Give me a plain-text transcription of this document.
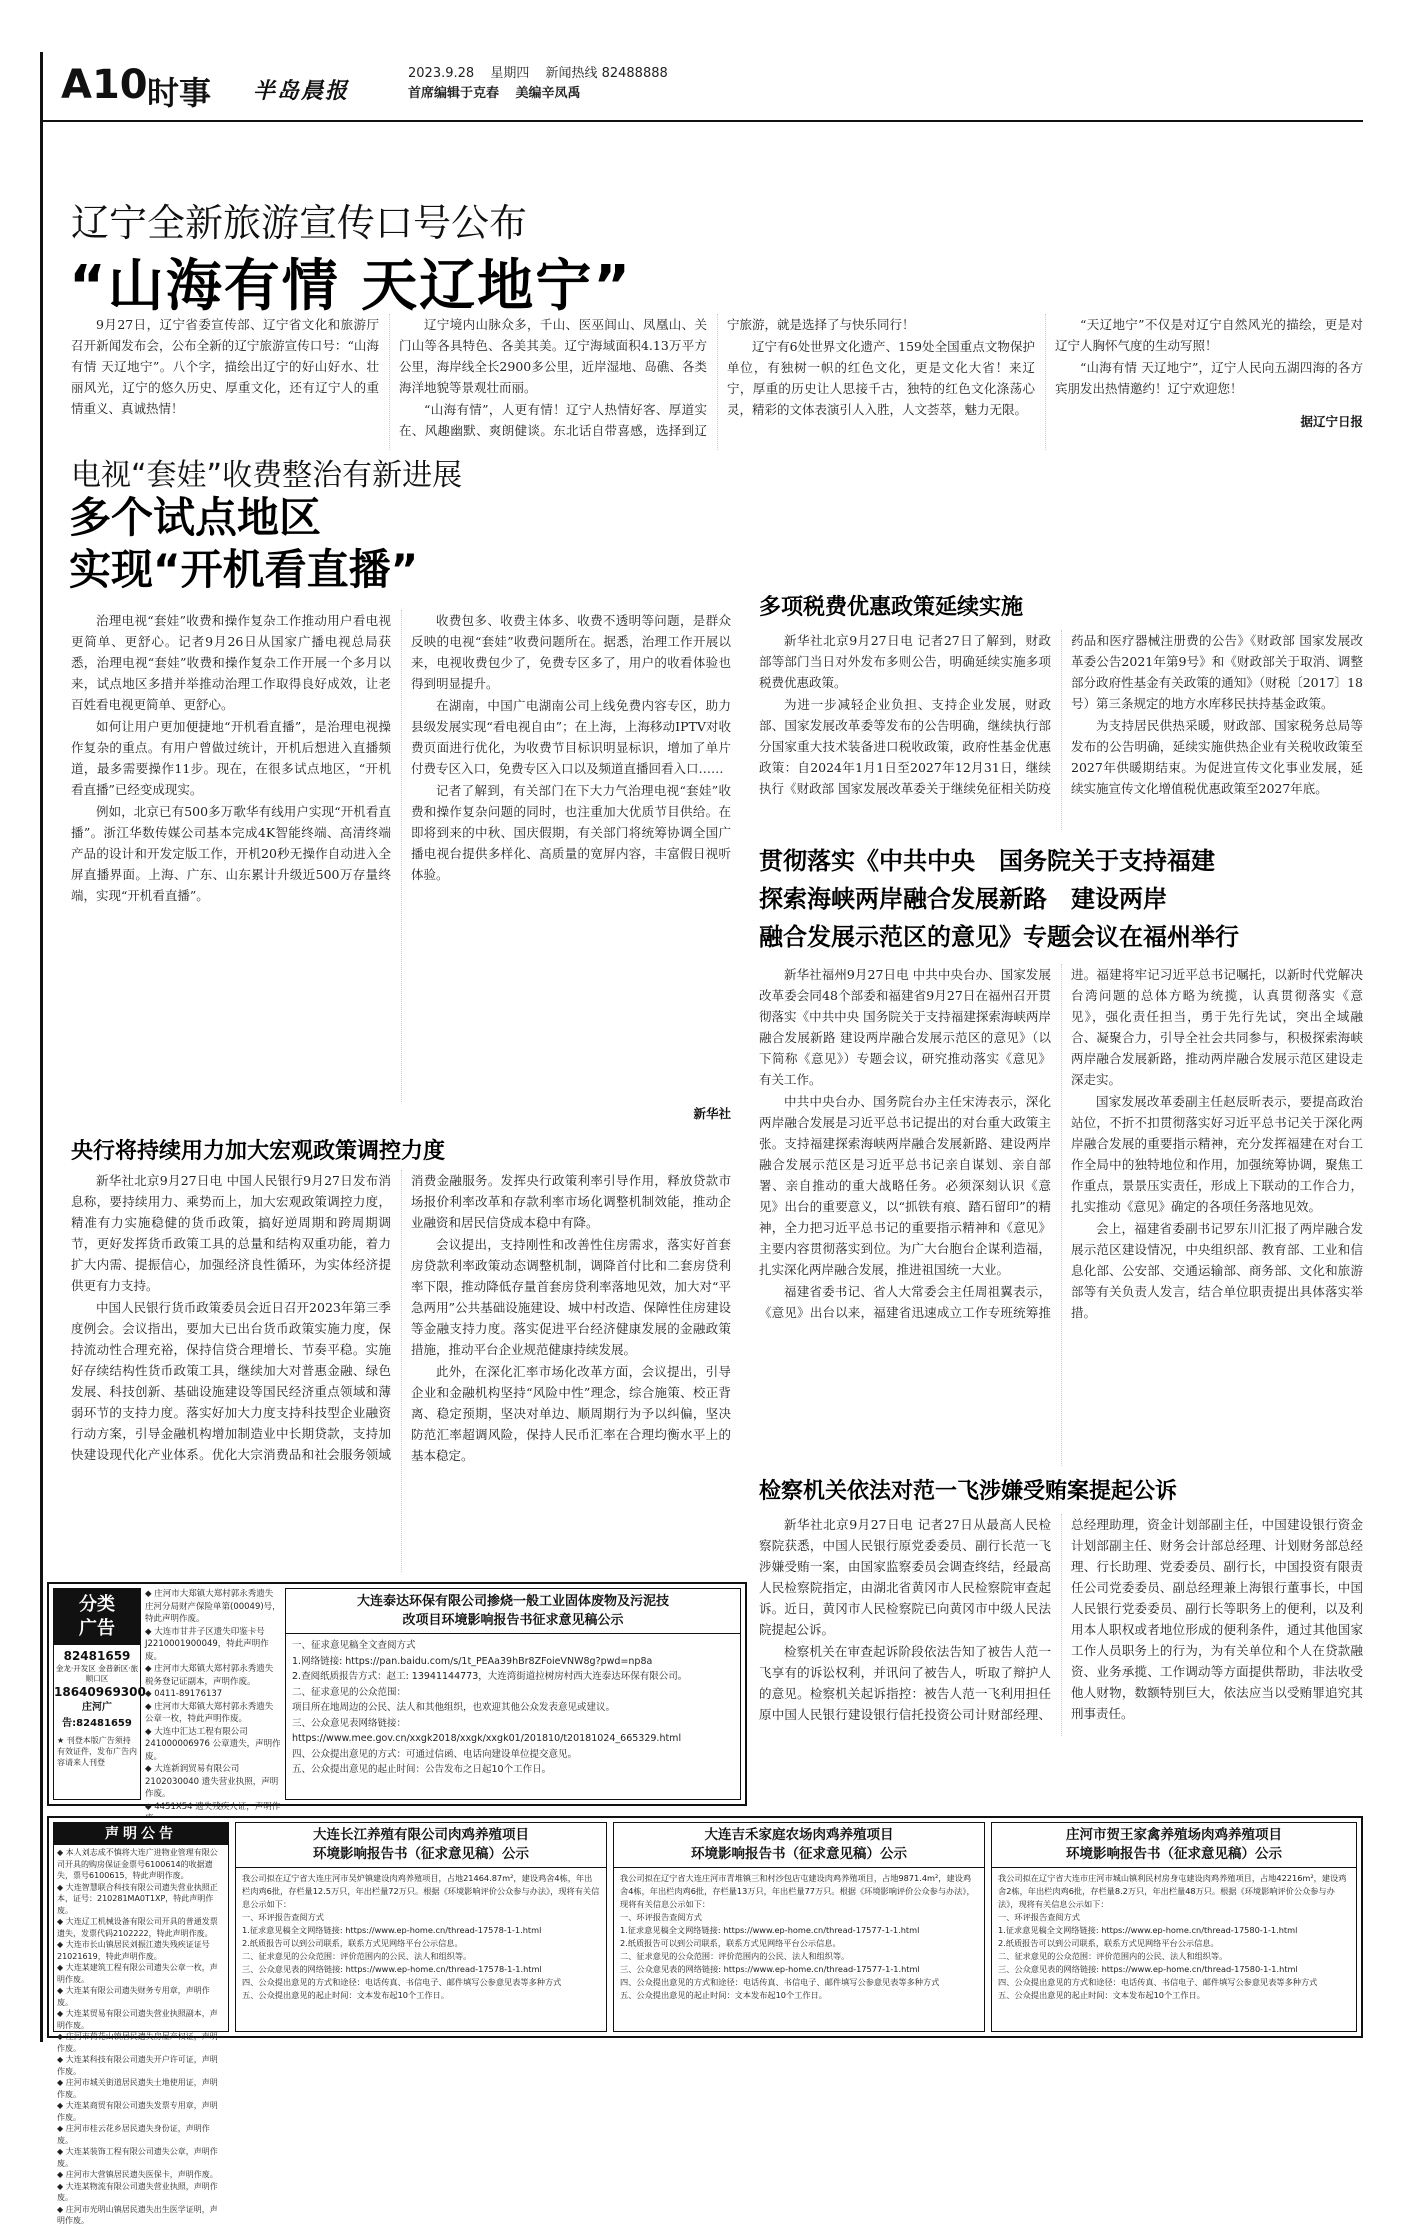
A10 时事 半岛晨报
2023.9.28 星期四 新闻热线 82488888
首席编辑于克春 美编辛凤禹
辽宁全新旅游宣传口号公布
“山海有情 天辽地宁”

9月27日，辽宁省委宣传部、辽宁省文化和旅游厅召开新闻发布会，公布全新的辽宁旅游宣传口号：“山海有情 天辽地宁”。八个字，描绘出辽宁的好山好水、壮丽风光，辽宁的悠久历史、厚重文化，还有辽宁人的重情重义、真诚热情！

辽宁境内山脉众多，千山、医巫闾山、凤凰山、关门山等各具特色、各美其美。辽宁海域面积4.13万平方公里，海岸线全长2900多公里，近岸湿地、岛礁、各类海洋地貌等景观壮而丽。

“山海有情”，人更有情！辽宁人热情好客、厚道实在、风趣幽默、爽朗健谈。东北话自带喜感，选择到辽宁旅游，就是选择了与快乐同行！

辽宁有6处世界文化遗产、159处全国重点文物保护单位，有独树一帜的红色文化，更是文化大省！来辽宁，厚重的历史让人思接千古，独特的红色文化涤荡心灵，精彩的文体表演引人入胜，人文荟萃，魅力无限。

“天辽地宁”不仅是对辽宁自然风光的描绘，更是对辽宁人胸怀气度的生动写照！

“山海有情 天辽地宁”，辽宁人民向五湖四海的各方宾朋发出热情邀约！辽宁欢迎您！

据辽宁日报
电视“套娃”收费整治有新进展
多个试点地区
实现“开机看直播”

治理电视“套娃”收费和操作复杂工作推动用户看电视更简单、更舒心。记者9月26日从国家广播电视总局获悉，治理电视“套娃”收费和操作复杂工作开展一个多月以来，试点地区多措并举推动治理工作取得良好成效，让老百姓看电视更简单、更舒心。

如何让用户更加便捷地“开机看直播”，是治理电视操作复杂的重点。有用户曾做过统计，开机后想进入直播频道，最多需要操作11步。现在，在很多试点地区，“开机看直播”已经变成现实。

例如，北京已有500多万歌华有线用户实现“开机看直播”。浙江华数传媒公司基本完成4K智能终端、高清终端产品的设计和开发定版工作，开机20秒无操作自动进入全屏直播界面。上海、广东、山东累计升级近500万存量终端，实现“开机看直播”。

收费包多、收费主体多、收费不透明等问题，是群众反映的电视“套娃”收费问题所在。据悉，治理工作开展以来，电视收费包少了，免费专区多了，用户的收看体验也得到明显提升。

在湖南，中国广电湖南公司上线免费内容专区，助力县级发展实现“看电视自由”；在上海，上海移动IPTV对收费页面进行优化，为收费节目标识明显标识，增加了单片付费专区入口，免费专区入口以及频道直播回看入口……

记者了解到，有关部门在下大力气治理电视“套娃”收费和操作复杂问题的同时，也注重加大优质节目供给。在即将到来的中秋、国庆假期，有关部门将统筹协调全国广播电视台提供多样化、高质量的宽屏内容，丰富假日视听体验。

新华社
央行将持续用力加大宏观政策调控力度

新华社北京9月27日电 中国人民银行9月27日发布消息称，要持续用力、乘势而上，加大宏观政策调控力度，精准有力实施稳健的货币政策，搞好逆周期和跨周期调节，更好发挥货币政策工具的总量和结构双重功能，着力扩大内需、提振信心，加强经济良性循环，为实体经济提供更有力支持。

中国人民银行货币政策委员会近日召开2023年第三季度例会。会议指出，要加大已出台货币政策实施力度，保持流动性合理充裕，保持信贷合理增长、节奏平稳。实施好存续结构性货币政策工具，继续加大对普惠金融、绿色发展、科技创新、基础设施建设等国民经济重点领域和薄弱环节的支持力度。落实好加大力度支持科技型企业融资行动方案，引导金融机构增加制造业中长期贷款，支持加快建设现代化产业体系。优化大宗消费品和社会服务领域消费金融服务。发挥央行政策利率引导作用，释放贷款市场报价利率改革和存款利率市场化调整机制效能，推动企业融资和居民信贷成本稳中有降。

会议提出，支持刚性和改善性住房需求，落实好首套房贷款利率政策动态调整机制，调降首付比和二套房贷利率下限，推动降低存量首套房贷利率落地见效，加大对“平急两用”公共基础设施建设、城中村改造、保障性住房建设等金融支持力度。落实促进平台经济健康发展的金融政策措施，推动平台企业规范健康持续发展。

此外，在深化汇率市场化改革方面，会议提出，引导企业和金融机构坚持“风险中性”理念，综合施策、校正背离、稳定预期，坚决对单边、顺周期行为予以纠偏，坚决防范汇率超调风险，保持人民币汇率在合理均衡水平上的基本稳定。

多项税费优惠政策延续实施

新华社北京9月27日电 记者27日了解到，财政部等部门当日对外发布多则公告，明确延续实施多项税费优惠政策。

为进一步减轻企业负担、支持企业发展，财政部、国家发展改革委等发布的公告明确，继续执行部分国家重大技术装备进口税收政策，政府性基金优惠政策：自2024年1月1日至2027年12月31日，继续执行《财政部 国家发展改革委关于继续免征相关防疫药品和医疗器械注册费的公告》《财政部 国家发展改革委公告2021年第9号》和《财政部关于取消、调整部分政府性基金有关政策的通知》（财税〔2017〕18号）第三条规定的地方水库移民扶持基金政策。

为支持居民供热采暖，财政部、国家税务总局等发布的公告明确，延续实施供热企业有关税收政策至2027年供暖期结束。为促进宣传文化事业发展，延续实施宣传文化增值税优惠政策至2027年底。

贯彻落实《中共中央　国务院关于支持福建
探索海峡两岸融合发展新路　建设两岸
融合发展示范区的意见》专题会议在福州举行

新华社福州9月27日电 中共中央台办、国家发展改革委会同48个部委和福建省9月27日在福州召开贯彻落实《中共中央 国务院关于支持福建探索海峡两岸融合发展新路 建设两岸融合发展示范区的意见》（以下简称《意见》）专题会议，研究推动落实《意见》有关工作。

中共中央台办、国务院台办主任宋涛表示，深化两岸融合发展是习近平总书记提出的对台重大政策主张。支持福建探索海峡两岸融合发展新路、建设两岸融合发展示范区是习近平总书记亲自谋划、亲自部署、亲自推动的重大战略任务。必须深刻认识《意见》出台的重要意义，以“抓铁有痕、踏石留印”的精神，全力把习近平总书记的重要指示精神和《意见》主要内容贯彻落实到位。为广大台胞台企谋利造福，扎实深化两岸融合发展，推进祖国统一大业。

福建省委书记、省人大常委会主任周祖翼表示，《意见》出台以来，福建省迅速成立工作专班统筹推进。福建将牢记习近平总书记嘱托，以新时代党解决台湾问题的总体方略为统揽，认真贯彻落实《意见》，强化责任担当，勇于先行先试，突出全域融合、凝聚合力，引导全社会共同参与，积极探索海峡两岸融合发展新路，推动两岸融合发展示范区建设走深走实。

国家发展改革委副主任赵辰昕表示，要提高政治站位，不折不扣贯彻落实好习近平总书记关于深化两岸融合发展的重要指示精神，充分发挥福建在对台工作全局中的独特地位和作用，加强统筹协调，聚焦工作重点，景景压实责任，形成上下联动的工作合力，扎实推动《意见》确定的各项任务落地见效。

会上，福建省委副书记罗东川汇报了两岸融合发展示范区建设情况，中央组织部、教育部、工业和信息化部、公安部、交通运输部、商务部、文化和旅游部等有关负责人发言，结合单位职责提出具体落实举措。

检察机关依法对范一飞涉嫌受贿案提起公诉

新华社北京9月27日电 记者27日从最高人民检察院获悉，中国人民银行原党委委员、副行长范一飞涉嫌受贿一案，由国家监察委员会调查终结，经最高人民检察院指定，由湖北省黄冈市人民检察院审查起诉。近日，黄冈市人民检察院已向黄冈市中级人民法院提起公诉。

检察机关在审查起诉阶段依法告知了被告人范一飞享有的诉讼权利，并讯问了被告人，听取了辩护人的意见。检察机关起诉指控：被告人范一飞利用担任原中国人民银行建设银行信托投资公司计财部经理、总经理助理，资金计划部副主任，中国建设银行资金计划部副主任、财务会计部总经理、计划财务部总经理、行长助理、党委委员、副行长，中国投资有限责任公司党委委员、副总经理兼上海银行董事长，中国人民银行党委委员、副行长等职务上的便利，以及利用本人职权或者地位形成的便利条件，通过其他国家工作人员职务上的行为，为有关单位和个人在贷款融资、业务承揽、工作调动等方面提供帮助，非法收受他人财物，数额特别巨大，依法应当以受贿罪追究其刑事责任。

分类
广告
82481659
金龙·开发区 金普新区·旅顺口区
18640969300
庄河广告:82481659
★ 刊登本版广告须持有效证件，发布广告内容请来人刊登
◆ 庄河市大郑镇大郑村郭永秀遗失庄河分局财产保险单第(00049)号，特此声明作废。
◆ 大连市甘井子区遗失印鉴卡号J2210001900049，特此声明作废。
◆ 庄河市大郑镇大郑村郭永秀遗失 税务登记证副本，声明作废。
◆ 0411-89176137
◆ 庄河市大郑镇大郑村郭永秀遗失 公章一枚，特此声明作废。
◆ 大连中汇达工程有限公司 241000006976 公章遗失，声明作废。
◆ 大连新润贸易有限公司 2102030040 遗失营业执照，声明作废。
◆ 4451X54 遗失残疾人证，声明作
大连泰达环保有限公司掺烧一般工业固体废物及污泥技
改项目环境影响报告书征求意见稿公示
一、征求意见稿全文查阅方式
1.网络链接: https://pan.baidu.com/s/1t_PEAa39hBr8ZFoieVNW8g?pwd=np8a
2.查阅纸质报告方式：赵工: 13941144773，大连湾街道拉树房村西大连泰达环保有限公司。
二、征求意见的公众范围：
项目所在地周边的公民、法人和其他组织，也欢迎其他公众发表意见或建议。
三、公众意见表网络链接：
https://www.mee.gov.cn/xxgk2018/xxgk/xxgk01/201810/t20181024_665329.html
四、公众提出意见的方式：可通过信函、电话向建设单位提交意见。
五、公众提出意见的起止时间：公告发布之日起10个工作日。
声明公告
◆ 本人刘志成不慎将大连广进物业管理有限公司开具的购房保证金票号6100614的收据遗失，票号6100615，特此声明作废。
◆ 大连智慧联合科技有限公司遗失营业执照正本，证号：210281MA0T1XP，特此声明作废。
◆ 大连辽工机械设备有限公司开具的普通发票遗失，发票代码2102222，特此声明作废。
◆ 大连市长山镇居民刘振江遗失残疾证证号21021619，特此声明作废。
◆ 大连某建筑工程有限公司遗失公章一枚，声明作废。
◆ 大连某有限公司遗失财务专用章，声明作废。
◆ 大连某贸易有限公司遗失营业执照副本，声明作废。
◆ 庄河市荷花山镇居民遗失房屋产权证，声明作废。
◆ 大连某科技有限公司遗失开户许可证，声明作废。
◆ 庄河市城关街道居民遗失土地使用证，声明作废。
◆ 大连某商贸有限公司遗失发票专用章，声明作废。
◆ 庄河市桂云花乡居民遗失身份证，声明作废。
◆ 大连某装饰工程有限公司遗失公章，声明作废。
◆ 庄河市大营镇居民遗失医保卡，声明作废。
◆ 大连某物流有限公司遗失营业执照，声明作废。
◆ 庄河市光明山镇居民遗失出生医学证明，声明作废。
大连长江养殖有限公司肉鸡养殖项目
环境影响报告书（征求意见稿）公示
我公司拟在辽宁省大连庄河市吴炉镇建设肉鸡养殖项目，占地21464.87m²，建设鸡舍4栋，年出栏肉鸡6批，存栏量12.5万只，年出栏量72万只。根据《环境影响评价公众参与办法》，现将有关信息公示如下：
一、环评报告查阅方式
1.征求意见稿全文网络链接: https://www.ep-home.cn/thread-17578-1-1.html
2.纸质报告可以到公司联系，联系方式见网络平台公示信息。
二、征求意见的公众范围：评价范围内的公民、法人和组织等。
三、公众意见表的网络链接: https://www.ep-home.cn/thread-17578-1-1.html
四、公众提出意见的方式和途径：电话传真、书信电子、邮件填写公参意见表等多种方式
五、公众提出意见的起止时间：文本发布起10个工作日。
大连吉禾家庭农场肉鸡养殖项目
环境影响报告书（征求意见稿）公示
我公司拟在辽宁省大连庄河市青堆镇三和村沙包店屯建设肉鸡养殖项目，占地9871.4m²，建设鸡舍4栋，年出栏肉鸡6批，存栏量13万只，年出栏量77万只。根据《环境影响评价公众参与办法》，现将有关信息公示如下：
一、环评报告查阅方式
1.征求意见稿全文网络链接: https://www.ep-home.cn/thread-17577-1-1.html
2.纸质报告可以到公司联系，联系方式见网络平台公示信息。
二、征求意见的公众范围：评价范围内的公民、法人和组织等。
三、公众意见表的网络链接: https://www.ep-home.cn/thread-17577-1-1.html
四、公众提出意见的方式和途径：电话传真、书信电子、邮件填写公参意见表等多种方式
五、公众提出意见的起止时间：文本发布起10个工作日。
庄河市贺王家禽养殖场肉鸡养殖项目
环境影响报告书（征求意见稿）公示
我公司拟在辽宁省大连市庄河市城山镇利民村房身屯建设肉鸡养殖项目，占地42216m²，建设鸡舍2栋，年出栏肉鸡6批，存栏量8.2万只，年出栏量48万只。根据《环境影响评价公众参与办法》，现将有关信息公示如下：
一、环评报告查阅方式
1.征求意见稿全文网络链接: https://www.ep-home.cn/thread-17580-1-1.html
2.纸质报告可以到公司联系，联系方式见网络平台公示信息。
二、征求意见的公众范围：评价范围内的公民、法人和组织等。
三、公众意见表的网络链接: https://www.ep-home.cn/thread-17580-1-1.html
四、公众提出意见的方式和途径：电话传真、书信电子、邮件填写公参意见表等多种方式
五、公众提出意见的起止时间：文本发布起10个工作日。
